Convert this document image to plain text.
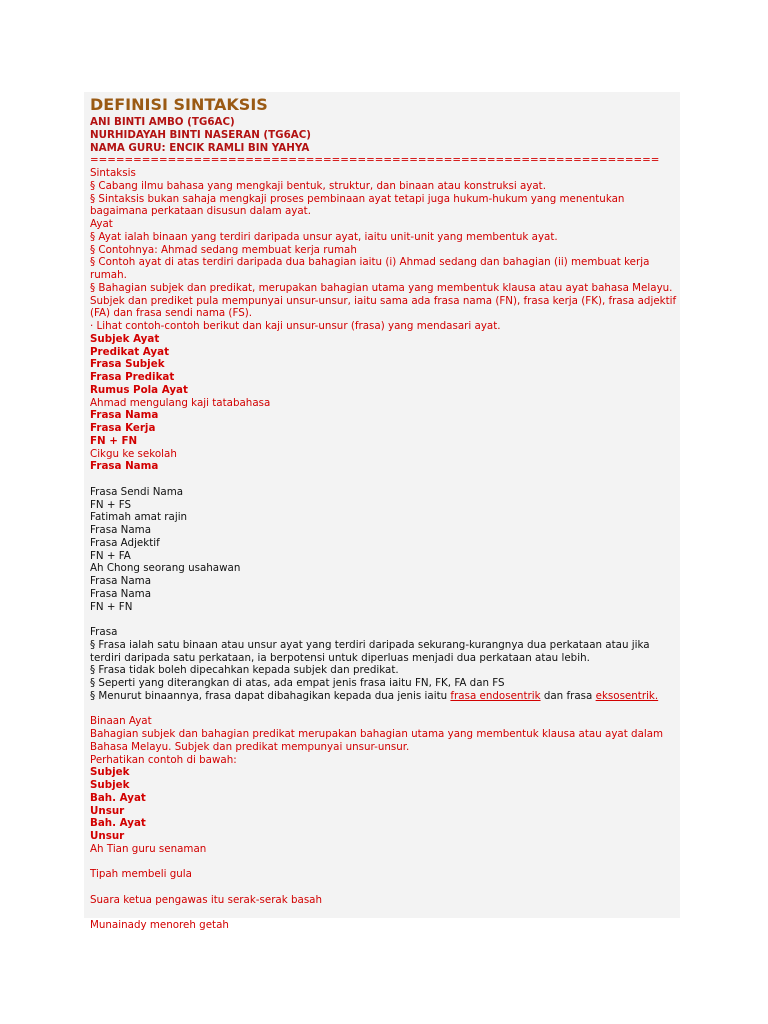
DEFINISI SINTAKSIS
ANI BINTI AMBO (TG6AC)
NURHIDAYAH BINTI NASERAN (TG6AC)
NAMA GURU: ENCIK RAMLI BIN YAHYA
==================================================================
Sintaksis
§ Cabang ilmu bahasa yang mengkaji bentuk, struktur, dan binaan atau konstruksi ayat.
§ Sintaksis bukan sahaja mengkaji proses pembinaan ayat tetapi juga hukum-hukum yang menentukan bagaimana perkataan disusun dalam ayat.
Ayat
§ Ayat ialah binaan yang terdiri daripada unsur ayat, iaitu unit-unit yang membentuk ayat.
§ Contohnya: Ahmad sedang membuat kerja rumah
§ Contoh ayat di atas terdiri daripada dua bahagian iaitu (i) Ahmad sedang dan bahagian (ii) membuat kerja rumah.
§ Bahagian subjek dan predikat, merupakan bahagian utama yang membentuk klausa atau ayat bahasa Melayu.
Subjek dan prediket pula mempunyai unsur-unsur, iaitu sama ada frasa nama (FN), frasa kerja (FK), frasa adjektif (FA) dan frasa sendi nama (FS).
· Lihat contoh-contoh berikut dan kaji unsur-unsur (frasa) yang mendasari ayat.
Subjek Ayat
Predikat Ayat
Frasa Subjek
Frasa Predikat
Rumus Pola Ayat
Ahmad mengulang kaji tatabahasa
Frasa Nama
Frasa Kerja
FN + FN
Cikgu ke sekolah
Frasa Nama
Frasa Sendi Nama
FN + FS
Fatimah amat rajin
Frasa Nama
Frasa Adjektif
FN + FA
Ah Chong seorang usahawan
Frasa Nama
Frasa Nama
FN + FN
Frasa
§ Frasa ialah satu binaan atau unsur ayat yang terdiri daripada sekurang-kurangnya dua perkataan atau jika terdiri daripada satu perkataan, ia berpotensi untuk diperluas menjadi dua perkataan atau lebih.
§ Frasa tidak boleh dipecahkan kepada subjek dan predikat.
§ Seperti yang diterangkan di atas, ada empat jenis frasa iaitu FN, FK, FA dan FS
§ Menurut binaannya, frasa dapat dibahagikan kepada dua jenis iaitu frasa endosentrik dan frasa eksosentrik.
Binaan Ayat
Bahagian subjek dan bahagian predikat merupakan bahagian utama yang membentuk klausa atau ayat dalam Bahasa Melayu. Subjek dan predikat mempunyai unsur-unsur.
Perhatikan contoh di bawah:
Subjek
Subjek
Bah. Ayat
Unsur
Bah. Ayat
Unsur
Ah Tian guru senaman
Tipah membeli gula
Suara ketua pengawas itu serak-serak basah
Munainady menoreh getah
